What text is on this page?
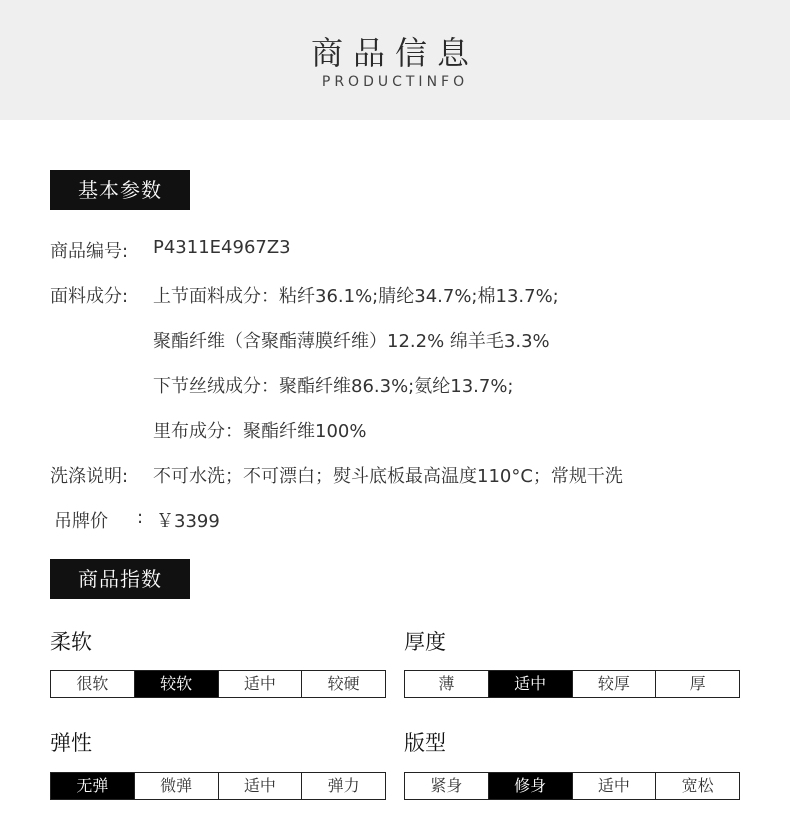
商品信息
PRODUCTINFO
基本参数
商品编号: P4311E4967Z3
面料成分: 上节面料成分：粘纤36.1%;腈纶34.7%;棉13.7%;
聚酯纤维（含聚酯薄膜纤维）12.2% 绵羊毛3.3%
下节丝绒成分：聚酯纤维86.3%;氨纶13.7%;
里布成分：聚酯纤维100%
洗涤说明: 不可水洗；不可漂白；熨斗底板最高温度110°C；常规干洗
吊牌价 : ￥3399
商品指数
柔软
很软	较软	适中	较硬
厚度
薄	适中	较厚	厚
弹性
无弹	微弹	适中	弹力
版型
紧身	修身	适中	宽松
